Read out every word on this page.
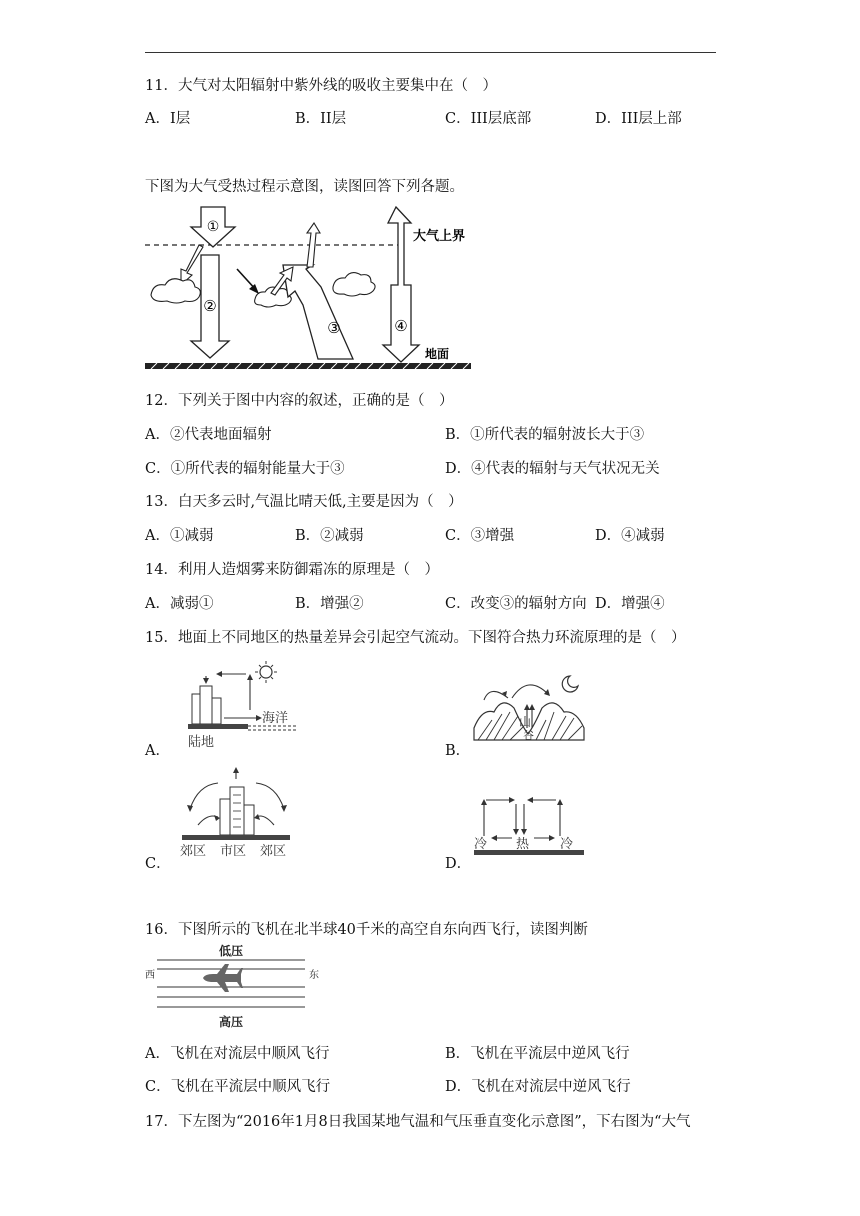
11．大气对太阳辐射中紫外线的吸收主要集中在（　）
A．I层	B．II层	C．III层底部	D．III层上部
下图为大气受热过程示意图，读图回答下列各题。
①
②
③	④
大气上界
地面
12．下列关于图中内容的叙述，正确的是（　）
A．②代表地面辐射	B．①所代表的辐射波长大于③
C．①所代表的辐射能量大于③	D．④代表的辐射与天气状况无关
13．白天多云时,气温比晴天低,主要是因为（　）
A．①减弱	B．②减弱	C．③增强	D．④减弱
14．利用人造烟雾来防御霜冻的原理是（　）
A．减弱①	B．增强②	C．改变③的辐射方向 D．增强④
15．地面上不同地区的热量差异会引起空气流动。下图符合热力环流原理的是（　）
A．
陆地
海洋
B．
山
谷
C．
郊区 市区 郊区
D．
冷 热 冷
16．下图所示的飞机在北半球40千米的高空自东向西飞行，读图判断
低压
高压
西	东
A．飞机在对流层中顺风飞行	B．飞机在平流层中逆风飞行
C．飞机在平流层中顺风飞行	D．飞机在对流层中逆风飞行
17．下左图为“2016年1月8日我国某地气温和气压垂直变化示意图”，下右图为“大气
